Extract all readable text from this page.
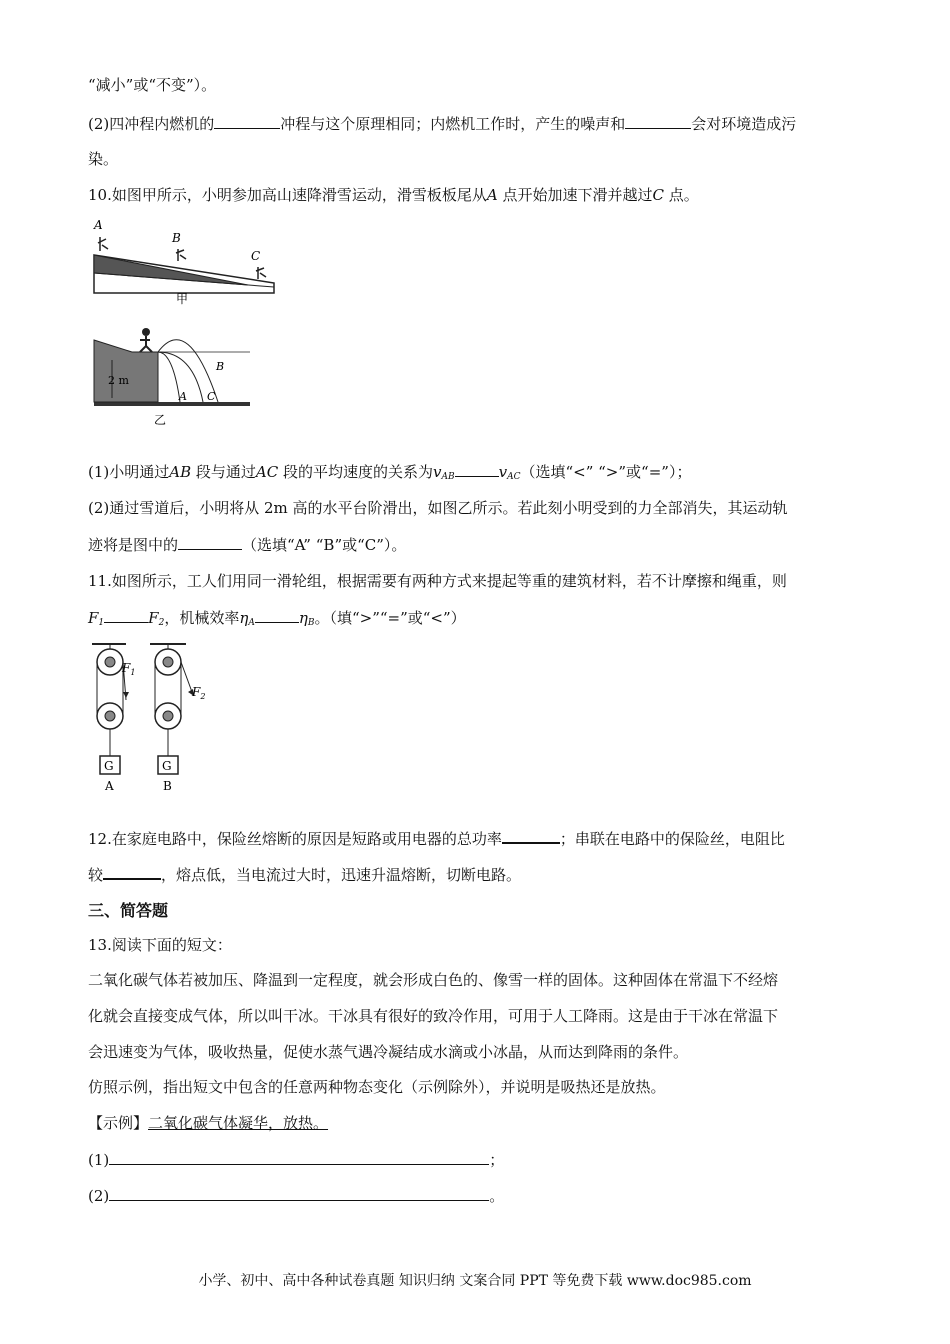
“减小”或“不变”）。
(2)四冲程内燃机的	冲程与这个原理相同；内燃机工作时，产生的噪声和	会对环境造成污
染。
10.如图甲所示，小明参加高山速降滑雪运动，滑雪板板尾从A 点开始加速下滑并越过C 点。
A
B
C
甲
2 m
B
A C
乙
(1)小明通过AB 段与通过AC 段的平均速度的关系为$v_{AB}$	$v_{AC}$（选填“<” “>”或“=”）；
(2)通过雪道后，小明将从 2m 高的水平台阶滑出，如图乙所示。若此刻小明受到的力全部消失，其运动轨
迹将是图中的	（选填“A” “B”或“C”）。
11.如图所示，工人们用同一滑轮组，根据需要有两种方式来提起等重的建筑材料，若不计摩擦和绳重，则
$F_1$	$F_2$，机械效率$\eta_A$	$\eta_B$。（填“>”“=”或“<”）
$F_1$
G
A
$F_2$
G
B
12.在家庭电路中，保险丝熔断的原因是短路或用电器的总功率	；串联在电路中的保险丝，电阻比
较	，熔点低，当电流过大时，迅速升温熔断，切断电路。
三、简答题
13.阅读下面的短文：
二氧化碳气体若被加压、降温到一定程度，就会形成白色的、像雪一样的固体。这种固体在常温下不经熔
化就会直接变成气体，所以叫干冰。干冰具有很好的致冷作用，可用于人工降雨。这是由于干冰在常温下
会迅速变为气体，吸收热量，促使水蒸气遇冷凝结成水滴或小冰晶，从而达到降雨的条件。
仿照示例，指出短文中包含的任意两种物态变化（示例除外），并说明是吸热还是放热。
【示例】二氧化碳气体凝华，放热。
(1)	；
(2)	。
小学、初中、高中各种试卷真题 知识归纳 文案合同 PPT 等免费下载 www.doc985.com
